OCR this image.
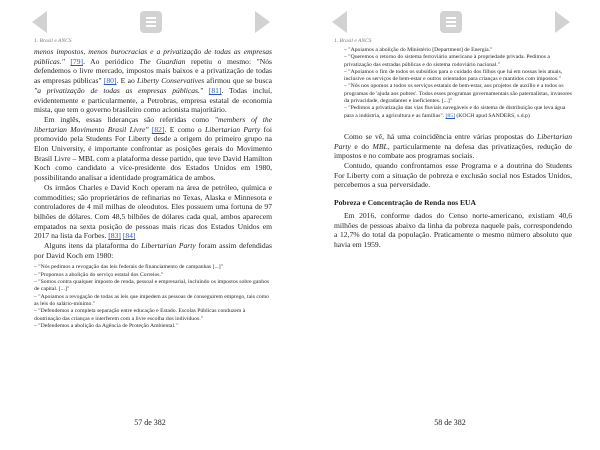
1. Brasil e ANCS

menos impostos, menos burocracias e a privatização de todas as empresas públicas." [79]. Ao periódico The Guardian repetiu o mesmo: "Nós defendemos o livre mercado, impostos mais baixos e a privatização de todas as empresas públicas" [80]. E ao Liberty Conservatives afirmou que se busca "a privatização de todas as empresas públicas." [81]. Todas incluí, evidentemente e particularmente, a Petrobras, empresa estatal de economia mista, que tem o governo brasileiro como acionista majoritário.

Em inglês, essas lideranças são referidas como "members of the libertarian Movimento Brasil Livre" [82]. E como o Libertarian Party foi promovido pela Students For Liberty desde a origem do primeiro grupo na Elon University, é importante confrontar as posições gerais do Movimento Brasil Livre – MBL com a plataforma desse partido, que teve David Hamilton Koch como candidato a vice-presidente dos Estados Unidos em 1980, possibilitando analisar a identidade programática de ambos.

Os irmãos Charles e David Koch operam na área de petróleo, química e commodities; são proprietários de refinarias no Texas, Alaska e Minnesota e controladores de 4 mil milhas de oleodutos. Eles possuem uma fortuna de 97 bilhões de dólares. Com 48,5 bilhões de dólares cada qual, ambos aparecem empatados na sexta posição de pessoas mais ricas dos Estados Unidos em 2017 na lista da Forbes. [83] [84]

Alguns itens da plataforma do Libertarian Party foram assim defendidas por David Koch em 1980:

– "Nós pedimos a revogação das leis federais de financiamento de campanhas [...]"
– "Propomos a abolição do serviço estatal dos Correios."
– "Somos contra qualquer imposto de renda, pessoal e empresarial, incluindo os impostos sobre ganhos de capital. [...]"
– "Apoiamos a revogação de todas as leis que impedem as pessoas de conseguirem emprego, tais como as leis do salário-mínimo."
– "Defendemos a completa separação entre educação e Estado. Escolas Públicas conduzem à doutrinação das crianças e interferem com a livre escolha dos indivíduos."
– "Defendemos a abolição da Agência de Proteção Ambiental."
57 de 382
1. Brasil e ANCS
– "Apoiamos a abolição do Ministério [Department] de Energia."
– "Queremos o retorno do sistema ferroviário americano à propriedade privada. Pedimos a privatização das estradas públicas e do sistema rodoviário nacional."
– "Apoiamos o fim de todos os subsídios para o cuidado dos filhos que há em nossas leis atuais, inclusive os serviços de bem-estar e outros orientados para crianças e mantidos com impostos."
– "Nós nos opomos a todos os serviços estatais de bem-estar, aos projetos de auxílio e a todos os programas de 'ajuda aos pobres'. Todos esses programas governamentais são paternalistas, invasores da privacidade, degradantes e ineficientes. [...]"
– "Pedimos a privatização das vias fluviais navegáveis e do sistema de distribuição que leva água para a indústria, a agricultura e as famílias". [85] (KOCH apud SANDERS, s.d.p)

Como se vê, há uma coincidência entre várias propostas do Libertarian Party e do MBL, particularmente na defesa das privatizações, redução de impostos e no combate aos programas sociais.

Contudo, quando confrontamos esse Programa e a doutrina do Students For Liberty com a situação de pobreza e exclusão social nos Estados Unidos, percebemos a sua perversidade.

Pobreza e Concentração de Renda nos EUA

Em 2016, conforme dados do Censo norte-americano, existiam 40,6 milhões de pessoas abaixo da linha da pobreza naquele país, correspondendo a 12,7% do total da população. Praticamente o mesmo número absoluto que havia em 1959.

58 de 382
